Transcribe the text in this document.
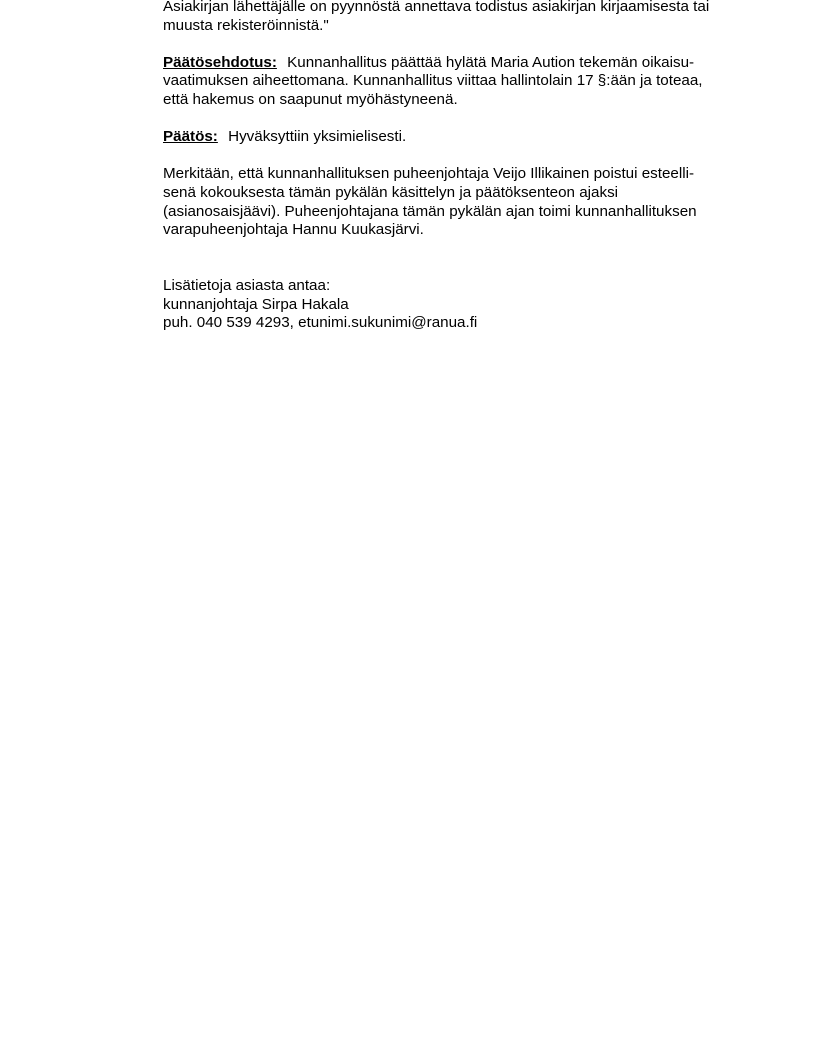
Asiakirjan lähettäjälle on pyynnöstä annettava todistus asiakirjan kirjaamisesta tai

muusta rekisteröinnistä."

Päätösehdotus: Kunnanhallitus päättää hylätä Maria Aution tekemän oikaisu-

vaatimuksen aiheettomana. Kunnanhallitus viittaa hallintolain 17 §:ään ja toteaa,

että hakemus on saapunut myöhästyneenä.

Päätös: Hyväksyttiin yksimielisesti.

Merkitään, että kunnanhallituksen puheenjohtaja Veijo Illikainen poistui esteelli-

senä kokouksesta tämän pykälän käsittelyn ja päätöksenteon ajaksi

(asianosaisjäävi). Puheenjohtajana tämän pykälän ajan toimi kunnanhallituksen

varapuheenjohtaja Hannu Kuukasjärvi.

Lisätietoja asiasta antaa:

kunnanjohtaja Sirpa Hakala

puh. 040 539 4293, etunimi.sukunimi@ranua.fi
